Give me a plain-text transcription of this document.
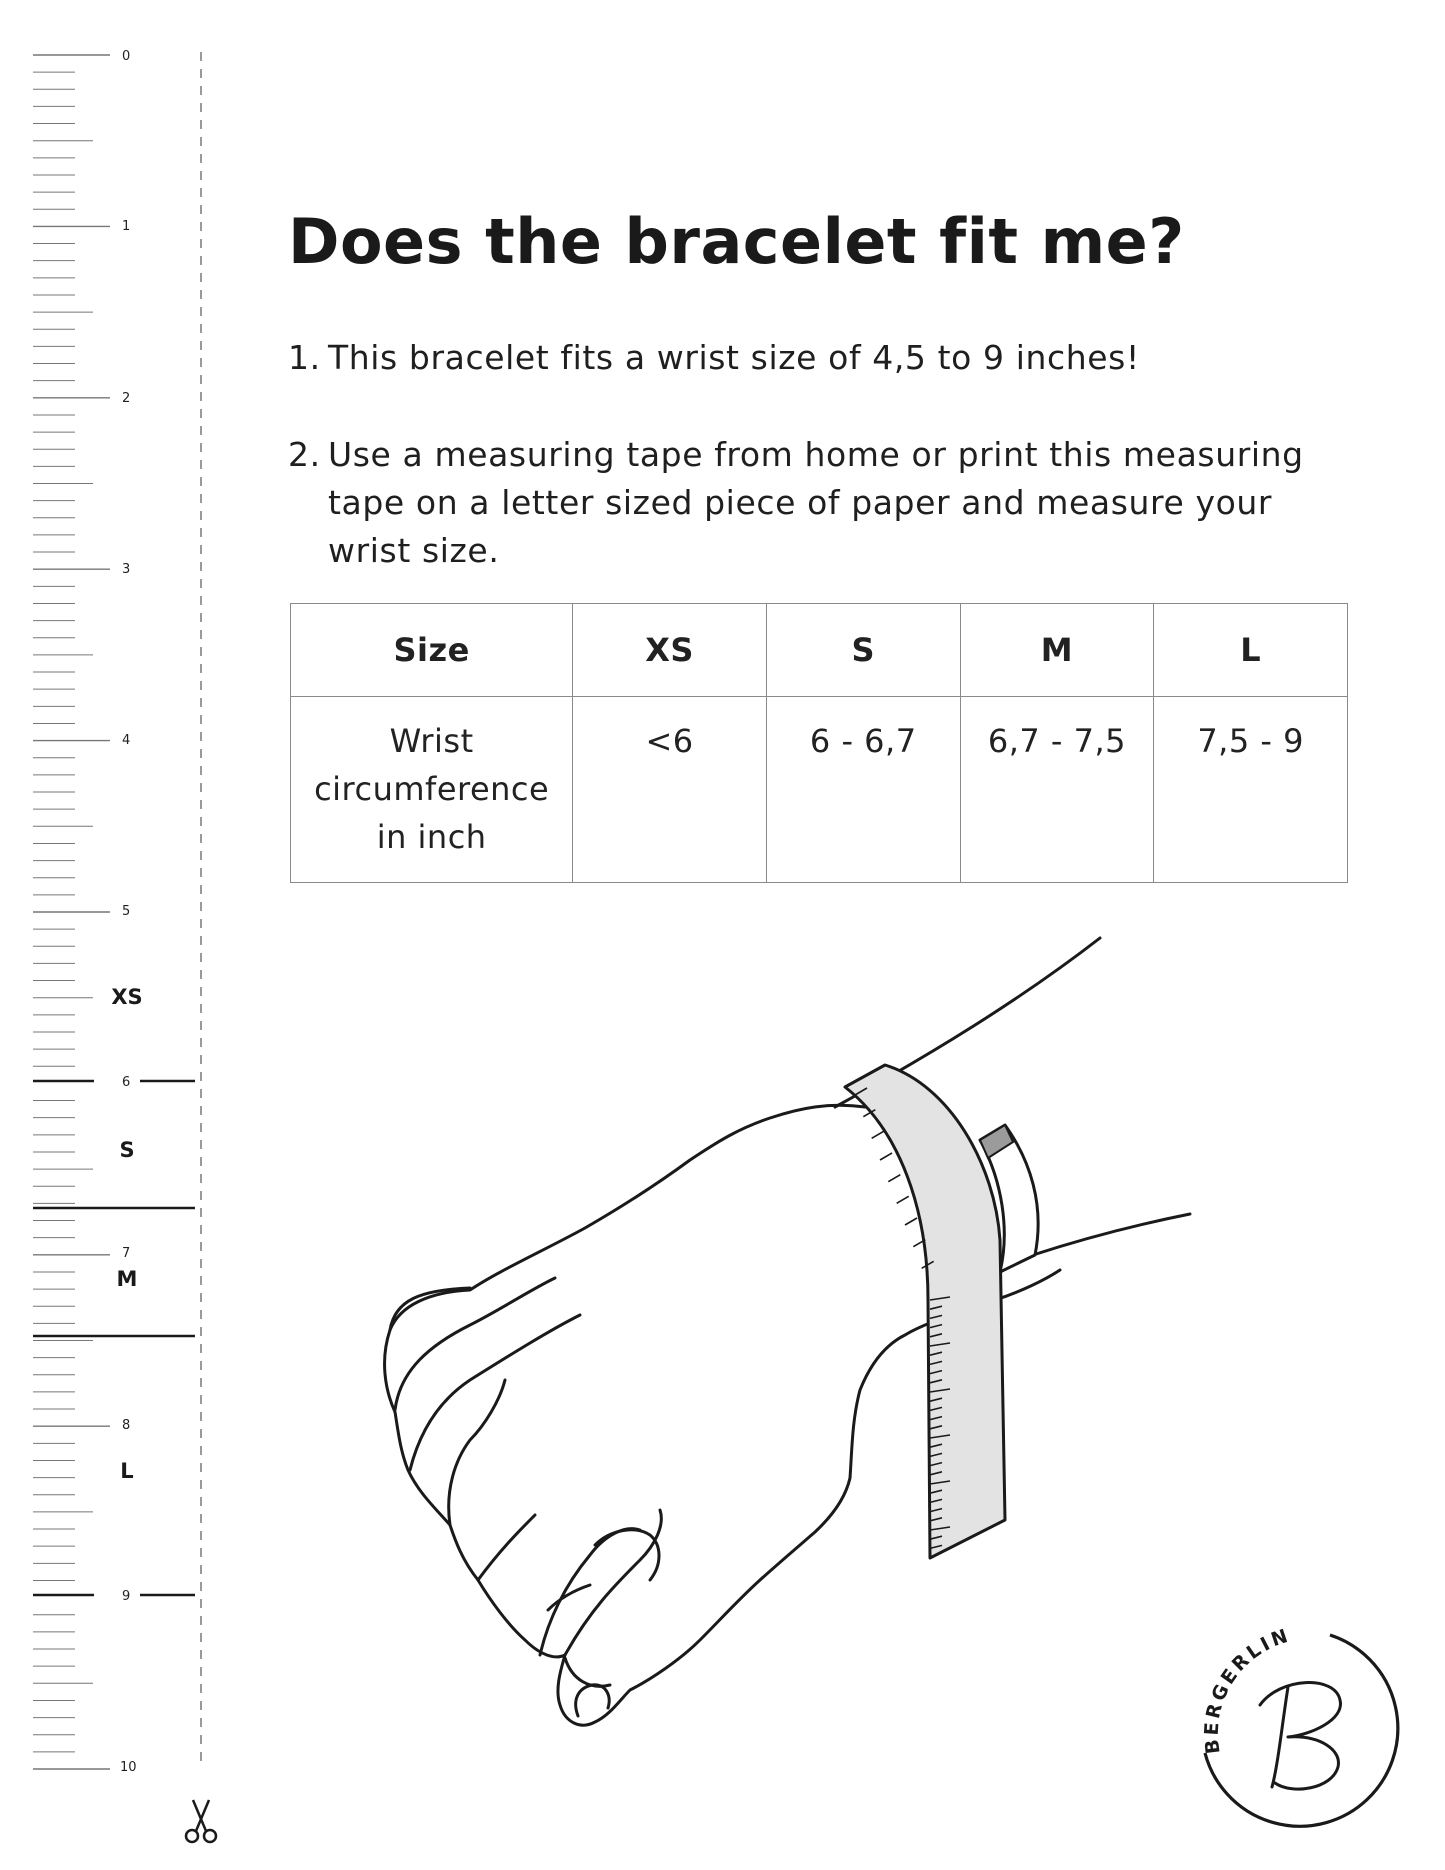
0
1
2
3
4
5
6
7
8
9
10
XS
S
M
L
Does the bracelet fit me?

1. This bracelet fits a wrist size of 4,5 to 9 inches!

2. Use a measuring tape from home or print this measuring
tape on a letter sized piece of paper and measure your
wrist size.

Size	XS	S	M	L

Wrist
circumference
in inch	<6	6 - 6,7	6,7 - 7,5	7,5 - 9
BERGERLIN
